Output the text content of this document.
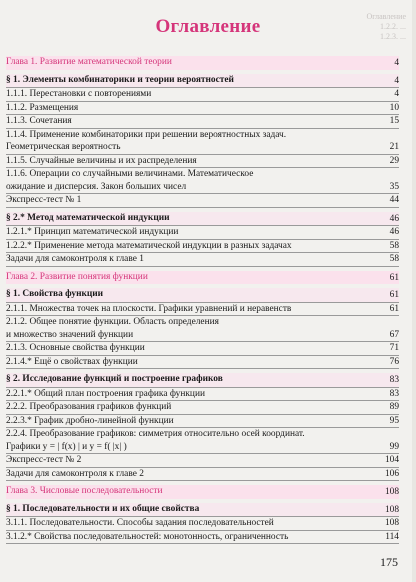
Оглавление
1.2.2. ...
1.2.3. ...
Оглавление
Глава 1. Развитие математической теории	4
§ 1. Элементы комбинаторики и теории вероятностей	4
1.1.1. Перестановки с повторениями	4
1.1.2. Размещения	10
1.1.3. Сочетания	15
1.1.4. Применение комбинаторики при решении вероятностных задач.
Геометрическая вероятность	21
1.1.5. Случайные величины и их распределения	29
1.1.6. Операции со случайными величинами. Математическое
ожидание и дисперсия. Закон больших чисел	35
Экспресс-тест № 1	44
§ 2.* Метод математической индукции	46
1.2.1.* Принцип математической индукции	46
1.2.2.* Применение метода математической индукции в разных задачах	58
Задачи для самоконтроля к главе 1	58
Глава 2. Развитие понятия функции	61
§ 1. Свойства функции	61
2.1.1. Множества точек на плоскости. Графики уравнений и неравенств	61
2.1.2. Общее понятие функции. Область определения
и множество значений функции	67
2.1.3. Основные свойства функции	71
2.1.4.* Ещё о свойствах функции	76
§ 2. Исследование функций и построение графиков	83
2.2.1.* Общий план построения графика функции	83
2.2.2. Преобразования графиков функций	89
2.2.3.* График дробно-линейной функции	95
2.2.4. Преобразование графиков: симметрия относительно осей координат.
Графики y = | f(x) | и y = f( |x| )	99
Экспресс-тест № 2	104
Задачи для самоконтроля к главе 2	106
Глава 3. Числовые последовательности	108
§ 1. Последовательности и их общие свойства	108
3.1.1. Последовательности. Способы задания последовательностей	108
3.1.2.* Свойства последовательностей: монотонность, ограниченность	114
175
